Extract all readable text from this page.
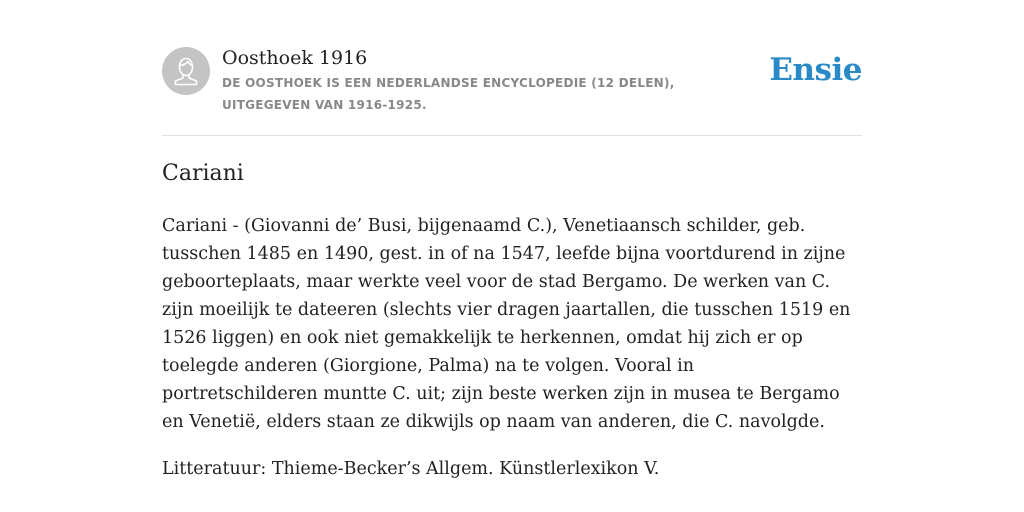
Oosthoek 1916
DE OOSTHOEK IS EEN NEDERLANDSE ENCYCLOPEDIE (12 DELEN), UITGEGEVEN VAN 1916-1925.
Ensie
Cariani

Cariani - (Giovanni de’ Busi, bijgenaamd C.), Venetiaansch schilder, geb. tusschen 1485 en 1490, gest. in of na 1547, leefde bijna voortdurend in zijne geboorteplaats, maar werkte veel voor de stad Bergamo. De werken van C. zijn moeilijk te dateeren (slechts vier dragen jaartallen, die tusschen 1519 en 1526 liggen) en ook niet gemakkelijk te herkennen, omdat hij zich er op toelegde anderen (Giorgione, Palma) na te volgen. Vooral in portretschilderen muntte C. uit; zijn beste werken zijn in musea te Bergamo en Venetië, elders staan ze dikwijls op naam van anderen, die C. navolgde.

Litteratuur: Thieme-Becker’s Allgem. Künstlerlexikon V.
